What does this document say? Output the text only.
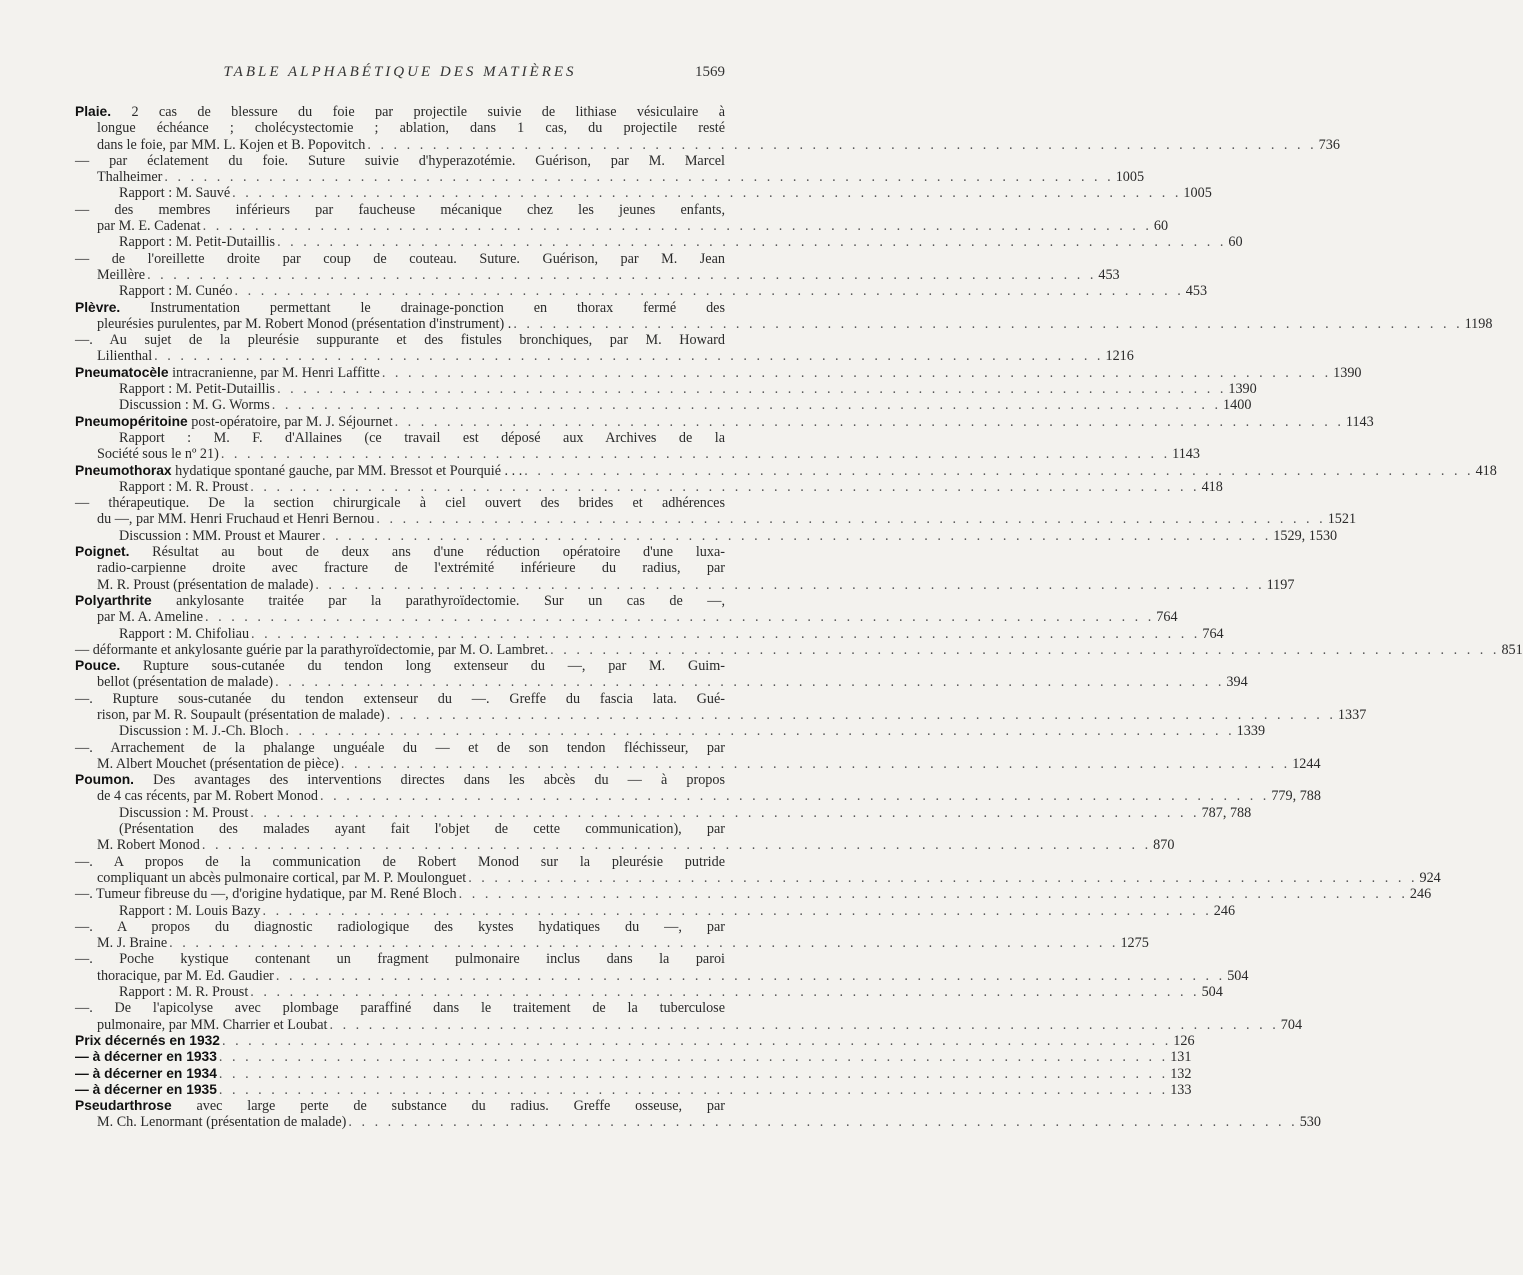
TABLE ALPHABÉTIQUE DES MATIÈRES	1569
Plaie. 2 cas de blessure du foie par projectile suivie de lithiase vésiculaire à
longue échéance ; cholécystectomie ; ablation, dans 1 cas, du projectile resté
dans le foie, par MM. L. Kojen et B. Popovitch . . . . . . . . . . . . . . . . . . . . . . . . . . . . . . . . . . . . . . . . . . . . . . . . . . . . . . . . . . . . . . . . . . . . . . . . . 736
— par éclatement du foie. Suture suivie d'hyperazotémie. Guérison, par M. Marcel
Thalheimer . . . . . . . . . . . . . . . . . . . . . . . . . . . . . . . . . . . . . . . . . . . . . . . . . . . . . . . . . . . . . . . . . . . . . . . . . 1005
Rapport : M. Sauvé . . . . . . . . . . . . . . . . . . . . . . . . . . . . . . . . . . . . . . . . . . . . . . . . . . . . . . . . . . . . . . . . . . . . . . . . . 1005
— des membres inférieurs par faucheuse mécanique chez les jeunes enfants,
par M. E. Cadenat . . . . . . . . . . . . . . . . . . . . . . . . . . . . . . . . . . . . . . . . . . . . . . . . . . . . . . . . . . . . . . . . . . . . . . . . . 60
Rapport : M. Petit-Dutaillis . . . . . . . . . . . . . . . . . . . . . . . . . . . . . . . . . . . . . . . . . . . . . . . . . . . . . . . . . . . . . . . . . . . . . . . . . 60
— de l'oreillette droite par coup de couteau. Suture. Guérison, par M. Jean
Meillère . . . . . . . . . . . . . . . . . . . . . . . . . . . . . . . . . . . . . . . . . . . . . . . . . . . . . . . . . . . . . . . . . . . . . . . . . 453
Rapport : M. Cunéo . . . . . . . . . . . . . . . . . . . . . . . . . . . . . . . . . . . . . . . . . . . . . . . . . . . . . . . . . . . . . . . . . . . . . . . . . 453
Plèvre. Instrumentation permettant le drainage-ponction en thorax fermé des
pleurésies purulentes, par M. Robert Monod (présentation d'instrument) . . . . . . . . . . . . . . . . . . . . . . . . . . . . . . . . . . . . . . . . . . . . . . . . . . . . . . . . . . . . . . . . . . . . . . . . . . 1198
—. Au sujet de la pleurésie suppurante et des fistules bronchiques, par M. Howard
Lilienthal . . . . . . . . . . . . . . . . . . . . . . . . . . . . . . . . . . . . . . . . . . . . . . . . . . . . . . . . . . . . . . . . . . . . . . . . . 1216
Pneumatocèle intracranienne, par M. Henri Laffitte . . . . . . . . . . . . . . . . . . . . . . . . . . . . . . . . . . . . . . . . . . . . . . . . . . . . . . . . . . . . . . . . . . . . . . . . . 1390
Rapport : M. Petit-Dutaillis . . . . . . . . . . . . . . . . . . . . . . . . . . . . . . . . . . . . . . . . . . . . . . . . . . . . . . . . . . . . . . . . . . . . . . . . . 1390
Discussion : M. G. Worms . . . . . . . . . . . . . . . . . . . . . . . . . . . . . . . . . . . . . . . . . . . . . . . . . . . . . . . . . . . . . . . . . . . . . . . . . 1400
Pneumopéritoine post-opératoire, par M. J. Séjournet . . . . . . . . . . . . . . . . . . . . . . . . . . . . . . . . . . . . . . . . . . . . . . . . . . . . . . . . . . . . . . . . . . . . . . . . . 1143
Rapport : M. F. d'Allaines (ce travail est déposé aux Archives de la
Société sous le nº 21) . . . . . . . . . . . . . . . . . . . . . . . . . . . . . . . . . . . . . . . . . . . . . . . . . . . . . . . . . . . . . . . . . . . . . . . . . 1143
Pneumothorax hydatique spontané gauche, par MM. Bressot et Pourquié . . . . . . . . . . . . . . . . . . . . . . . . . . . . . . . . . . . . . . . . . . . . . . . . . . . . . . . . . . . . . . . . . . . . . . . . . . . . 418
Rapport : M. R. Proust . . . . . . . . . . . . . . . . . . . . . . . . . . . . . . . . . . . . . . . . . . . . . . . . . . . . . . . . . . . . . . . . . . . . . . . . . 418
— thérapeutique. De la section chirurgicale à ciel ouvert des brides et adhérences
du —, par MM. Henri Fruchaud et Henri Bernou . . . . . . . . . . . . . . . . . . . . . . . . . . . . . . . . . . . . . . . . . . . . . . . . . . . . . . . . . . . . . . . . . . . . . . . . . 1521
Discussion : MM. Proust et Maurer . . . . . . . . . . . . . . . . . . . . . . . . . . . . . . . . . . . . . . . . . . . . . . . . . . . . . . . . . . . . . . . . . . . . . . . . . 1529, 1530
Poignet. Résultat au bout de deux ans d'une réduction opératoire d'une luxa-
radio-carpienne droite avec fracture de l'extrémité inférieure du radius, par
M. R. Proust (présentation de malade) . . . . . . . . . . . . . . . . . . . . . . . . . . . . . . . . . . . . . . . . . . . . . . . . . . . . . . . . . . . . . . . . . . . . . . . . . 1197
Polyarthrite ankylosante traitée par la parathyroïdectomie. Sur un cas de —,
par M. A. Ameline . . . . . . . . . . . . . . . . . . . . . . . . . . . . . . . . . . . . . . . . . . . . . . . . . . . . . . . . . . . . . . . . . . . . . . . . . 764
Rapport : M. Chifoliau . . . . . . . . . . . . . . . . . . . . . . . . . . . . . . . . . . . . . . . . . . . . . . . . . . . . . . . . . . . . . . . . . . . . . . . . . 764
— déformante et ankylosante guérie par la parathyroïdectomie, par M. O. Lambret. . . . . . . . . . . . . . . . . . . . . . . . . . . . . . . . . . . . . . . . . . . . . . . . . . . . . . . . . . . . . . . . . . . . . . . . . . 851
Pouce. Rupture sous-cutanée du tendon long extenseur du —, par M. Guim-
bellot (présentation de malade) . . . . . . . . . . . . . . . . . . . . . . . . . . . . . . . . . . . . . . . . . . . . . . . . . . . . . . . . . . . . . . . . . . . . . . . . . 394
—. Rupture sous-cutanée du tendon extenseur du —. Greffe du fascia lata. Gué-
rison, par M. R. Soupault (présentation de malade) . . . . . . . . . . . . . . . . . . . . . . . . . . . . . . . . . . . . . . . . . . . . . . . . . . . . . . . . . . . . . . . . . . . . . . . . . 1337
Discussion : M. J.-Ch. Bloch . . . . . . . . . . . . . . . . . . . . . . . . . . . . . . . . . . . . . . . . . . . . . . . . . . . . . . . . . . . . . . . . . . . . . . . . . 1339
—. Arrachement de la phalange unguéale du — et de son tendon fléchisseur, par
M. Albert Mouchet (présentation de pièce) . . . . . . . . . . . . . . . . . . . . . . . . . . . . . . . . . . . . . . . . . . . . . . . . . . . . . . . . . . . . . . . . . . . . . . . . . 1244
Poumon. Des avantages des interventions directes dans les abcès du — à propos
de 4 cas récents, par M. Robert Monod . . . . . . . . . . . . . . . . . . . . . . . . . . . . . . . . . . . . . . . . . . . . . . . . . . . . . . . . . . . . . . . . . . . . . . . . . 779, 788
Discussion : M. Proust . . . . . . . . . . . . . . . . . . . . . . . . . . . . . . . . . . . . . . . . . . . . . . . . . . . . . . . . . . . . . . . . . . . . . . . . . 787, 788
(Présentation des malades ayant fait l'objet de cette communication), par
M. Robert Monod . . . . . . . . . . . . . . . . . . . . . . . . . . . . . . . . . . . . . . . . . . . . . . . . . . . . . . . . . . . . . . . . . . . . . . . . . 870
—. A propos de la communication de Robert Monod sur la pleurésie putride
compliquant un abcès pulmonaire cortical, par M. P. Moulonguet . . . . . . . . . . . . . . . . . . . . . . . . . . . . . . . . . . . . . . . . . . . . . . . . . . . . . . . . . . . . . . . . . . . . . . . . . 924
—. Tumeur fibreuse du —, d'origine hydatique, par M. René Bloch . . . . . . . . . . . . . . . . . . . . . . . . . . . . . . . . . . . . . . . . . . . . . . . . . . . . . . . . . . . . . . . . . . . . . . . . . 246
Rapport : M. Louis Bazy . . . . . . . . . . . . . . . . . . . . . . . . . . . . . . . . . . . . . . . . . . . . . . . . . . . . . . . . . . . . . . . . . . . . . . . . . 246
—. A propos du diagnostic radiologique des kystes hydatiques du —, par
M. J. Braine . . . . . . . . . . . . . . . . . . . . . . . . . . . . . . . . . . . . . . . . . . . . . . . . . . . . . . . . . . . . . . . . . . . . . . . . . 1275
—. Poche kystique contenant un fragment pulmonaire inclus dans la paroi
thoracique, par M. Ed. Gaudier . . . . . . . . . . . . . . . . . . . . . . . . . . . . . . . . . . . . . . . . . . . . . . . . . . . . . . . . . . . . . . . . . . . . . . . . . 504
Rapport : M. R. Proust . . . . . . . . . . . . . . . . . . . . . . . . . . . . . . . . . . . . . . . . . . . . . . . . . . . . . . . . . . . . . . . . . . . . . . . . . 504
—. De l'apicolyse avec plombage paraffiné dans le traitement de la tuberculose
pulmonaire, par MM. Charrier et Loubat . . . . . . . . . . . . . . . . . . . . . . . . . . . . . . . . . . . . . . . . . . . . . . . . . . . . . . . . . . . . . . . . . . . . . . . . . 704
Prix décernés en 1932 . . . . . . . . . . . . . . . . . . . . . . . . . . . . . . . . . . . . . . . . . . . . . . . . . . . . . . . . . . . . . . . . . . . . . . . . . 126
— à décerner en 1933 . . . . . . . . . . . . . . . . . . . . . . . . . . . . . . . . . . . . . . . . . . . . . . . . . . . . . . . . . . . . . . . . . . . . . . . . . 131
— à décerner en 1934 . . . . . . . . . . . . . . . . . . . . . . . . . . . . . . . . . . . . . . . . . . . . . . . . . . . . . . . . . . . . . . . . . . . . . . . . . 132
— à décerner en 1935 . . . . . . . . . . . . . . . . . . . . . . . . . . . . . . . . . . . . . . . . . . . . . . . . . . . . . . . . . . . . . . . . . . . . . . . . . 133
Pseudarthrose avec large perte de substance du radius. Greffe osseuse, par
M. Ch. Lenormant (présentation de malade) . . . . . . . . . . . . . . . . . . . . . . . . . . . . . . . . . . . . . . . . . . . . . . . . . . . . . . . . . . . . . . . . . . . . . . . . . 530
